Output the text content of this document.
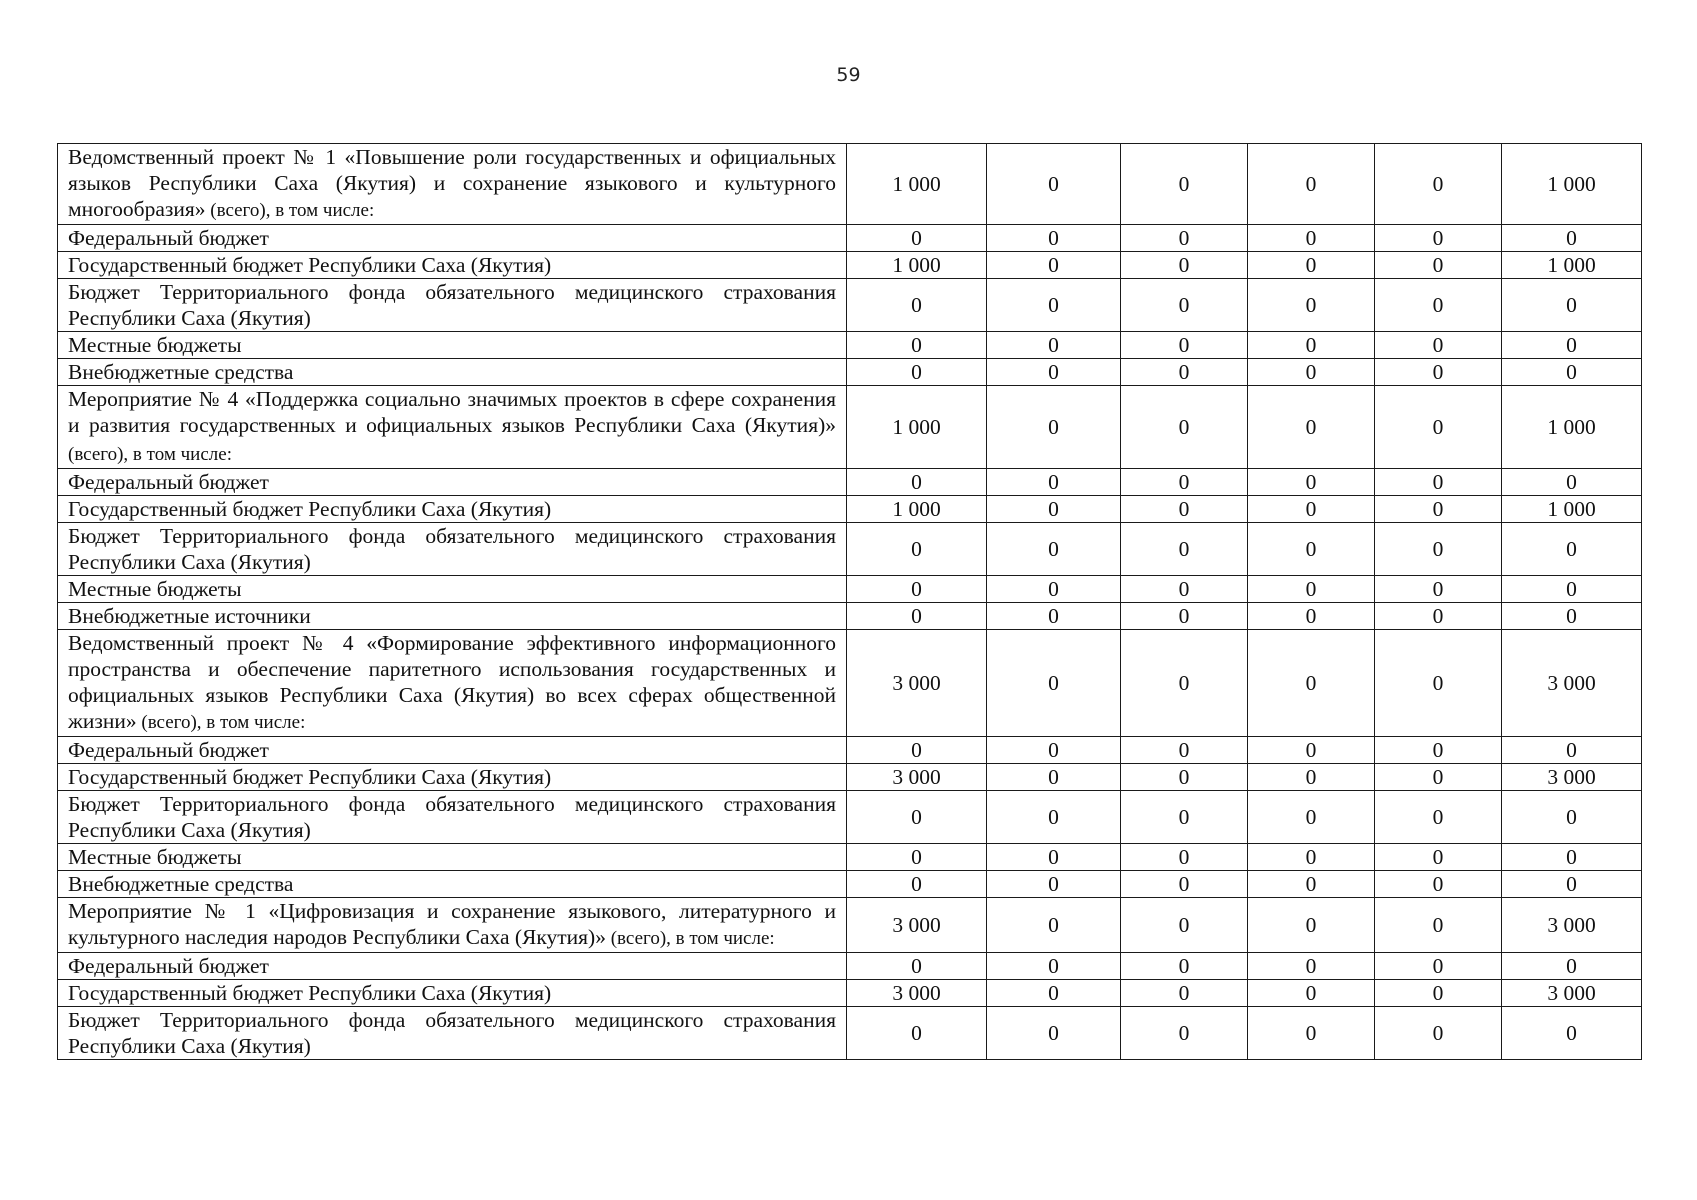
59
Ведомственный проект № 1 «Повышение роли государственных и официальных языков Республики Саха (Якутия) и сохранение языкового и культурного многообразия» (всего), в том числе:	1 000	0	0	0	0	1 000
Федеральный бюджет	0	0	0	0	0	0
Государственный бюджет Республики Саха (Якутия)	1 000	0	0	0	0	1 000
Бюджет Территориального фонда обязательного медицинского страхования Республики Саха (Якутия)	0	0	0	0	0	0
Местные бюджеты	0	0	0	0	0	0
Внебюджетные средства	0	0	0	0	0	0
Мероприятие № 4 «Поддержка социально значимых проектов в сфере сохранения и развития государственных и официальных языков Республики Саха (Якутия)» (всего), в том числе:	1 000	0	0	0	0	1 000
Федеральный бюджет	0	0	0	0	0	0
Государственный бюджет Республики Саха (Якутия)	1 000	0	0	0	0	1 000
Бюджет Территориального фонда обязательного медицинского страхования Республики Саха (Якутия)	0	0	0	0	0	0
Местные бюджеты	0	0	0	0	0	0
Внебюджетные источники	0	0	0	0	0	0
Ведомственный проект № 4 «Формирование эффективного информационного пространства и обеспечение паритетного использования государственных и официальных языков Республики Саха (Якутия) во всех сферах общественной жизни» (всего), в том числе:	3 000	0	0	0	0	3 000
Федеральный бюджет	0	0	0	0	0	0
Государственный бюджет Республики Саха (Якутия)	3 000	0	0	0	0	3 000
Бюджет Территориального фонда обязательного медицинского страхования Республики Саха (Якутия)	0	0	0	0	0	0
Местные бюджеты	0	0	0	0	0	0
Внебюджетные средства	0	0	0	0	0	0
Мероприятие № 1 «Цифровизация и сохранение языкового, литературного и культурного наследия народов Республики Саха (Якутия)» (всего), в том числе:	3 000	0	0	0	0	3 000
Федеральный бюджет	0	0	0	0	0	0
Государственный бюджет Республики Саха (Якутия)	3 000	0	0	0	0	3 000
Бюджет Территориального фонда обязательного медицинского страхования Республики Саха (Якутия)	0	0	0	0	0	0
